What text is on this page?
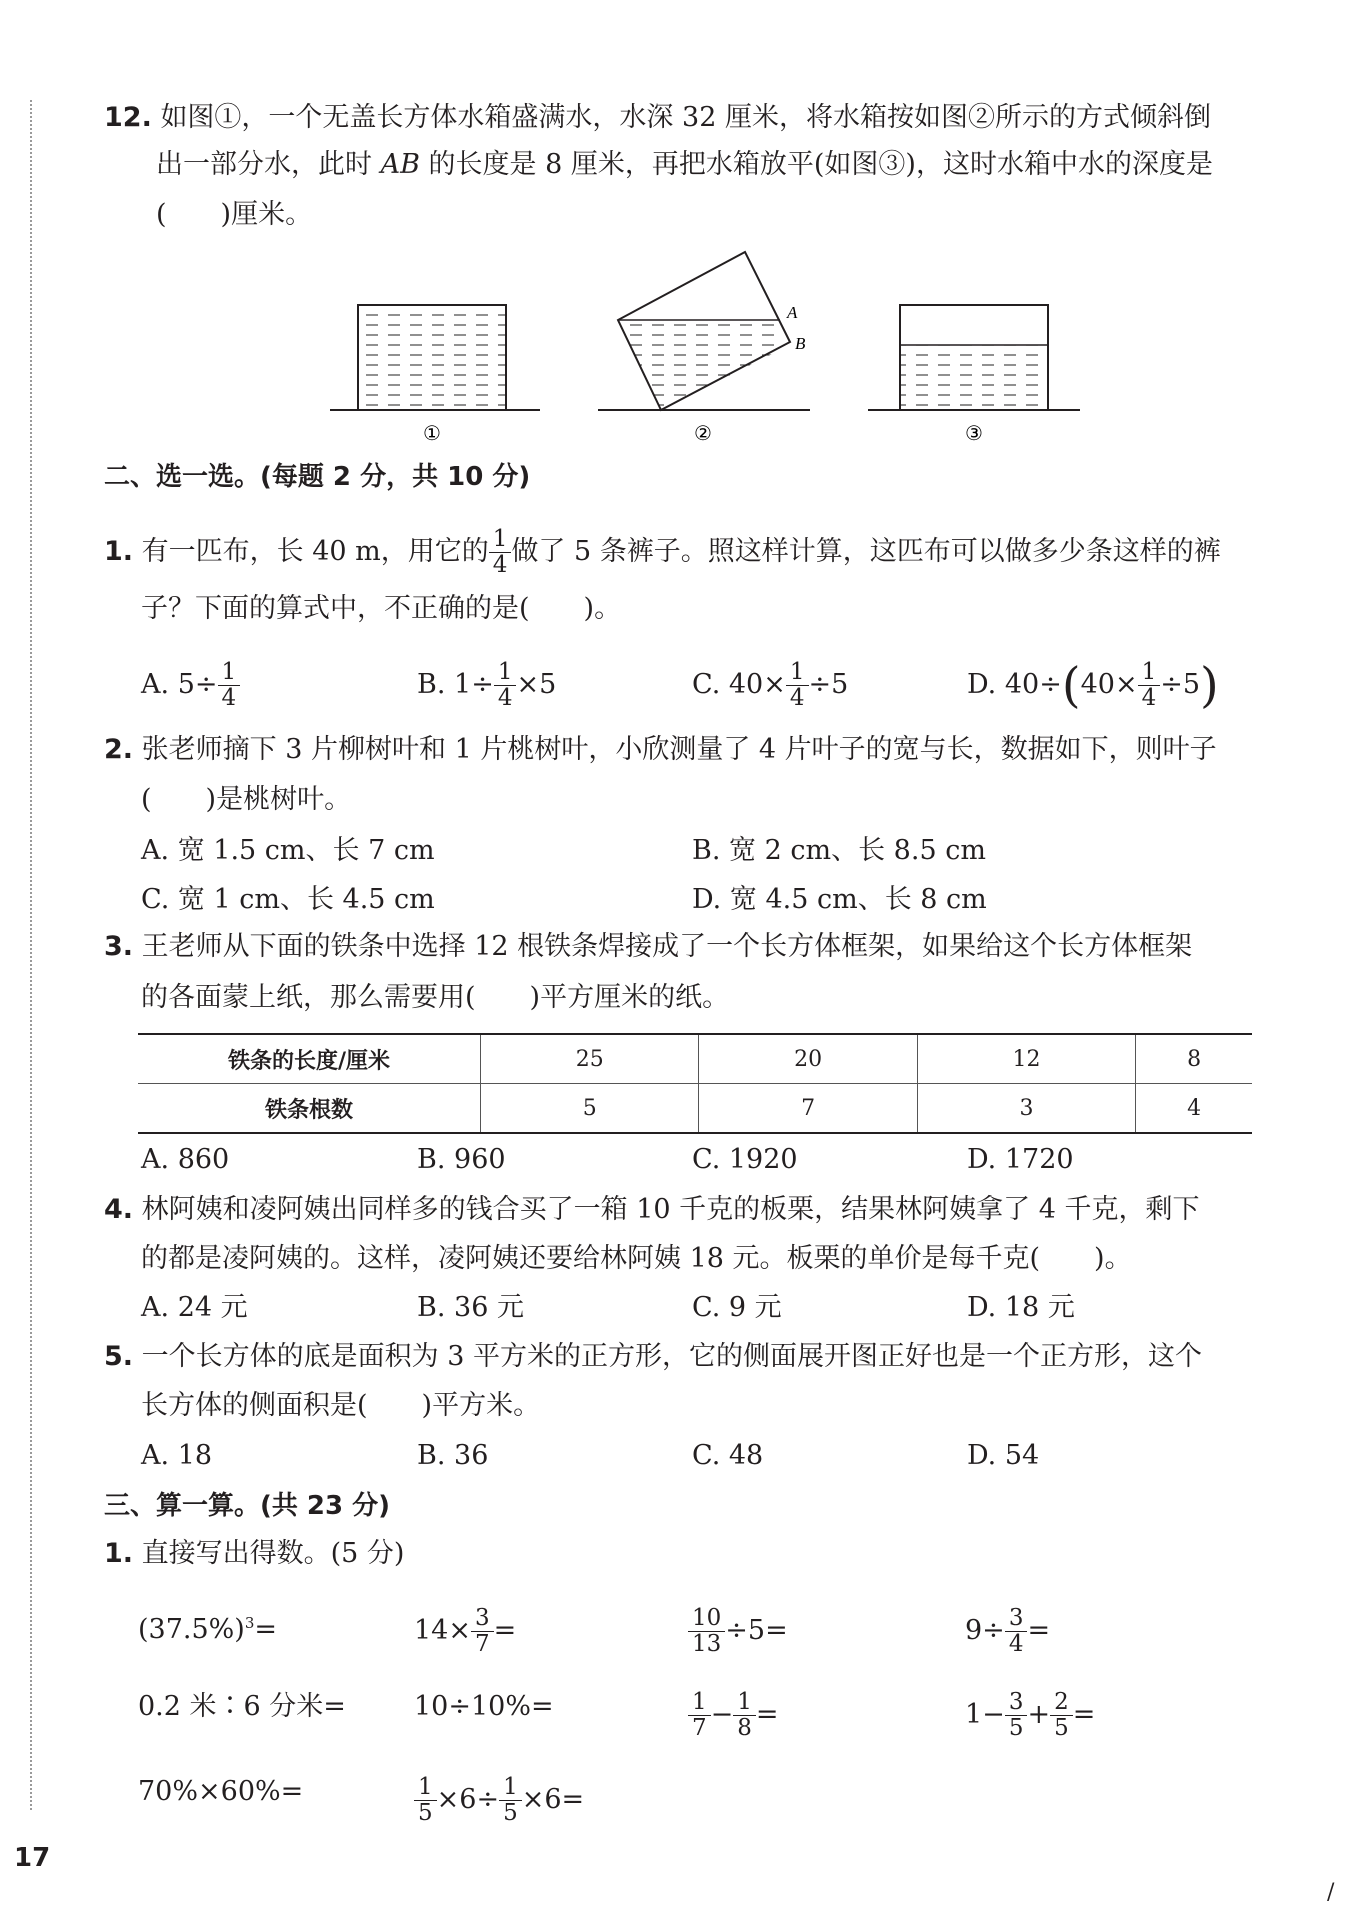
12. 如图①，一个无盖长方体水箱盛满水，水深 32 厘米，将水箱按如图②所示的方式倾斜倒
出一部分水，此时 AB 的长度是 8 厘米，再把水箱放平(如图③)，这时水箱中水的深度是
(　　)厘米。
A
B
①	②	③
二、选一选。(每题 2 分，共 10 分)
1. 有一匹布，长 40 m，用它的 $\frac{1}{4}$ 做了 5 条裤子。照这样计算，这匹布可以做多少条这样的裤
子？下面的算式中，不正确的是(　　)。
A. $5\div \frac{1}{4}$	B. $1\div \frac{1}{4} \times 5$	C. $40\times \frac{1}{4} \div 5$	D. $40\div(40\times \frac{1}{4} \div 5)$
2. 张老师摘下 3 片柳树叶和 1 片桃树叶，小欣测量了 4 片叶子的宽与长，数据如下，则叶子
(　　)是桃树叶。
A. 宽 1.5 cm、长 7 cm	B. 宽 2 cm、长 8.5 cm
C. 宽 1 cm、长 4.5 cm	D. 宽 4.5 cm、长 8 cm
3. 王老师从下面的铁条中选择 12 根铁条焊接成了一个长方体框架，如果给这个长方体框架
的各面蒙上纸，那么需要用(　　)平方厘米的纸。
铁条的长度/厘米	25	20	12	8
铁条根数	5	7	3	4
A. 860	B. 960	C. 1920	D. 1720
4. 林阿姨和凌阿姨出同样多的钱合买了一箱 10 千克的板栗，结果林阿姨拿了 4 千克，剩下
的都是凌阿姨的。这样，凌阿姨还要给林阿姨 18 元。板栗的单价是每千克(　　)。
A. 24 元	B. 36 元	C. 9 元	D. 18 元
5. 一个长方体的底是面积为 3 平方米的正方形，它的侧面展开图正好也是一个正方形，这个
长方体的侧面积是(　　)平方米。
A. 18	B. 36	C. 48	D. 54
三、算一算。(共 23 分)
1. 直接写出得数。(5 分)
$(37.5\%)^3=$	$14\times \frac{3}{7}$ =	$\frac{10}{13} \div 5=$	$9\div \frac{3}{4}$ =
0.2 米∶6 分米=	10÷10%=	$\frac{1}{7} - \frac{1}{8}$ =	$1- \frac{3}{5} + \frac{2}{5}$ =
70%×60%=	$\frac{1}{5} \times 6\div \frac{1}{5} \times 6=$
17
/
